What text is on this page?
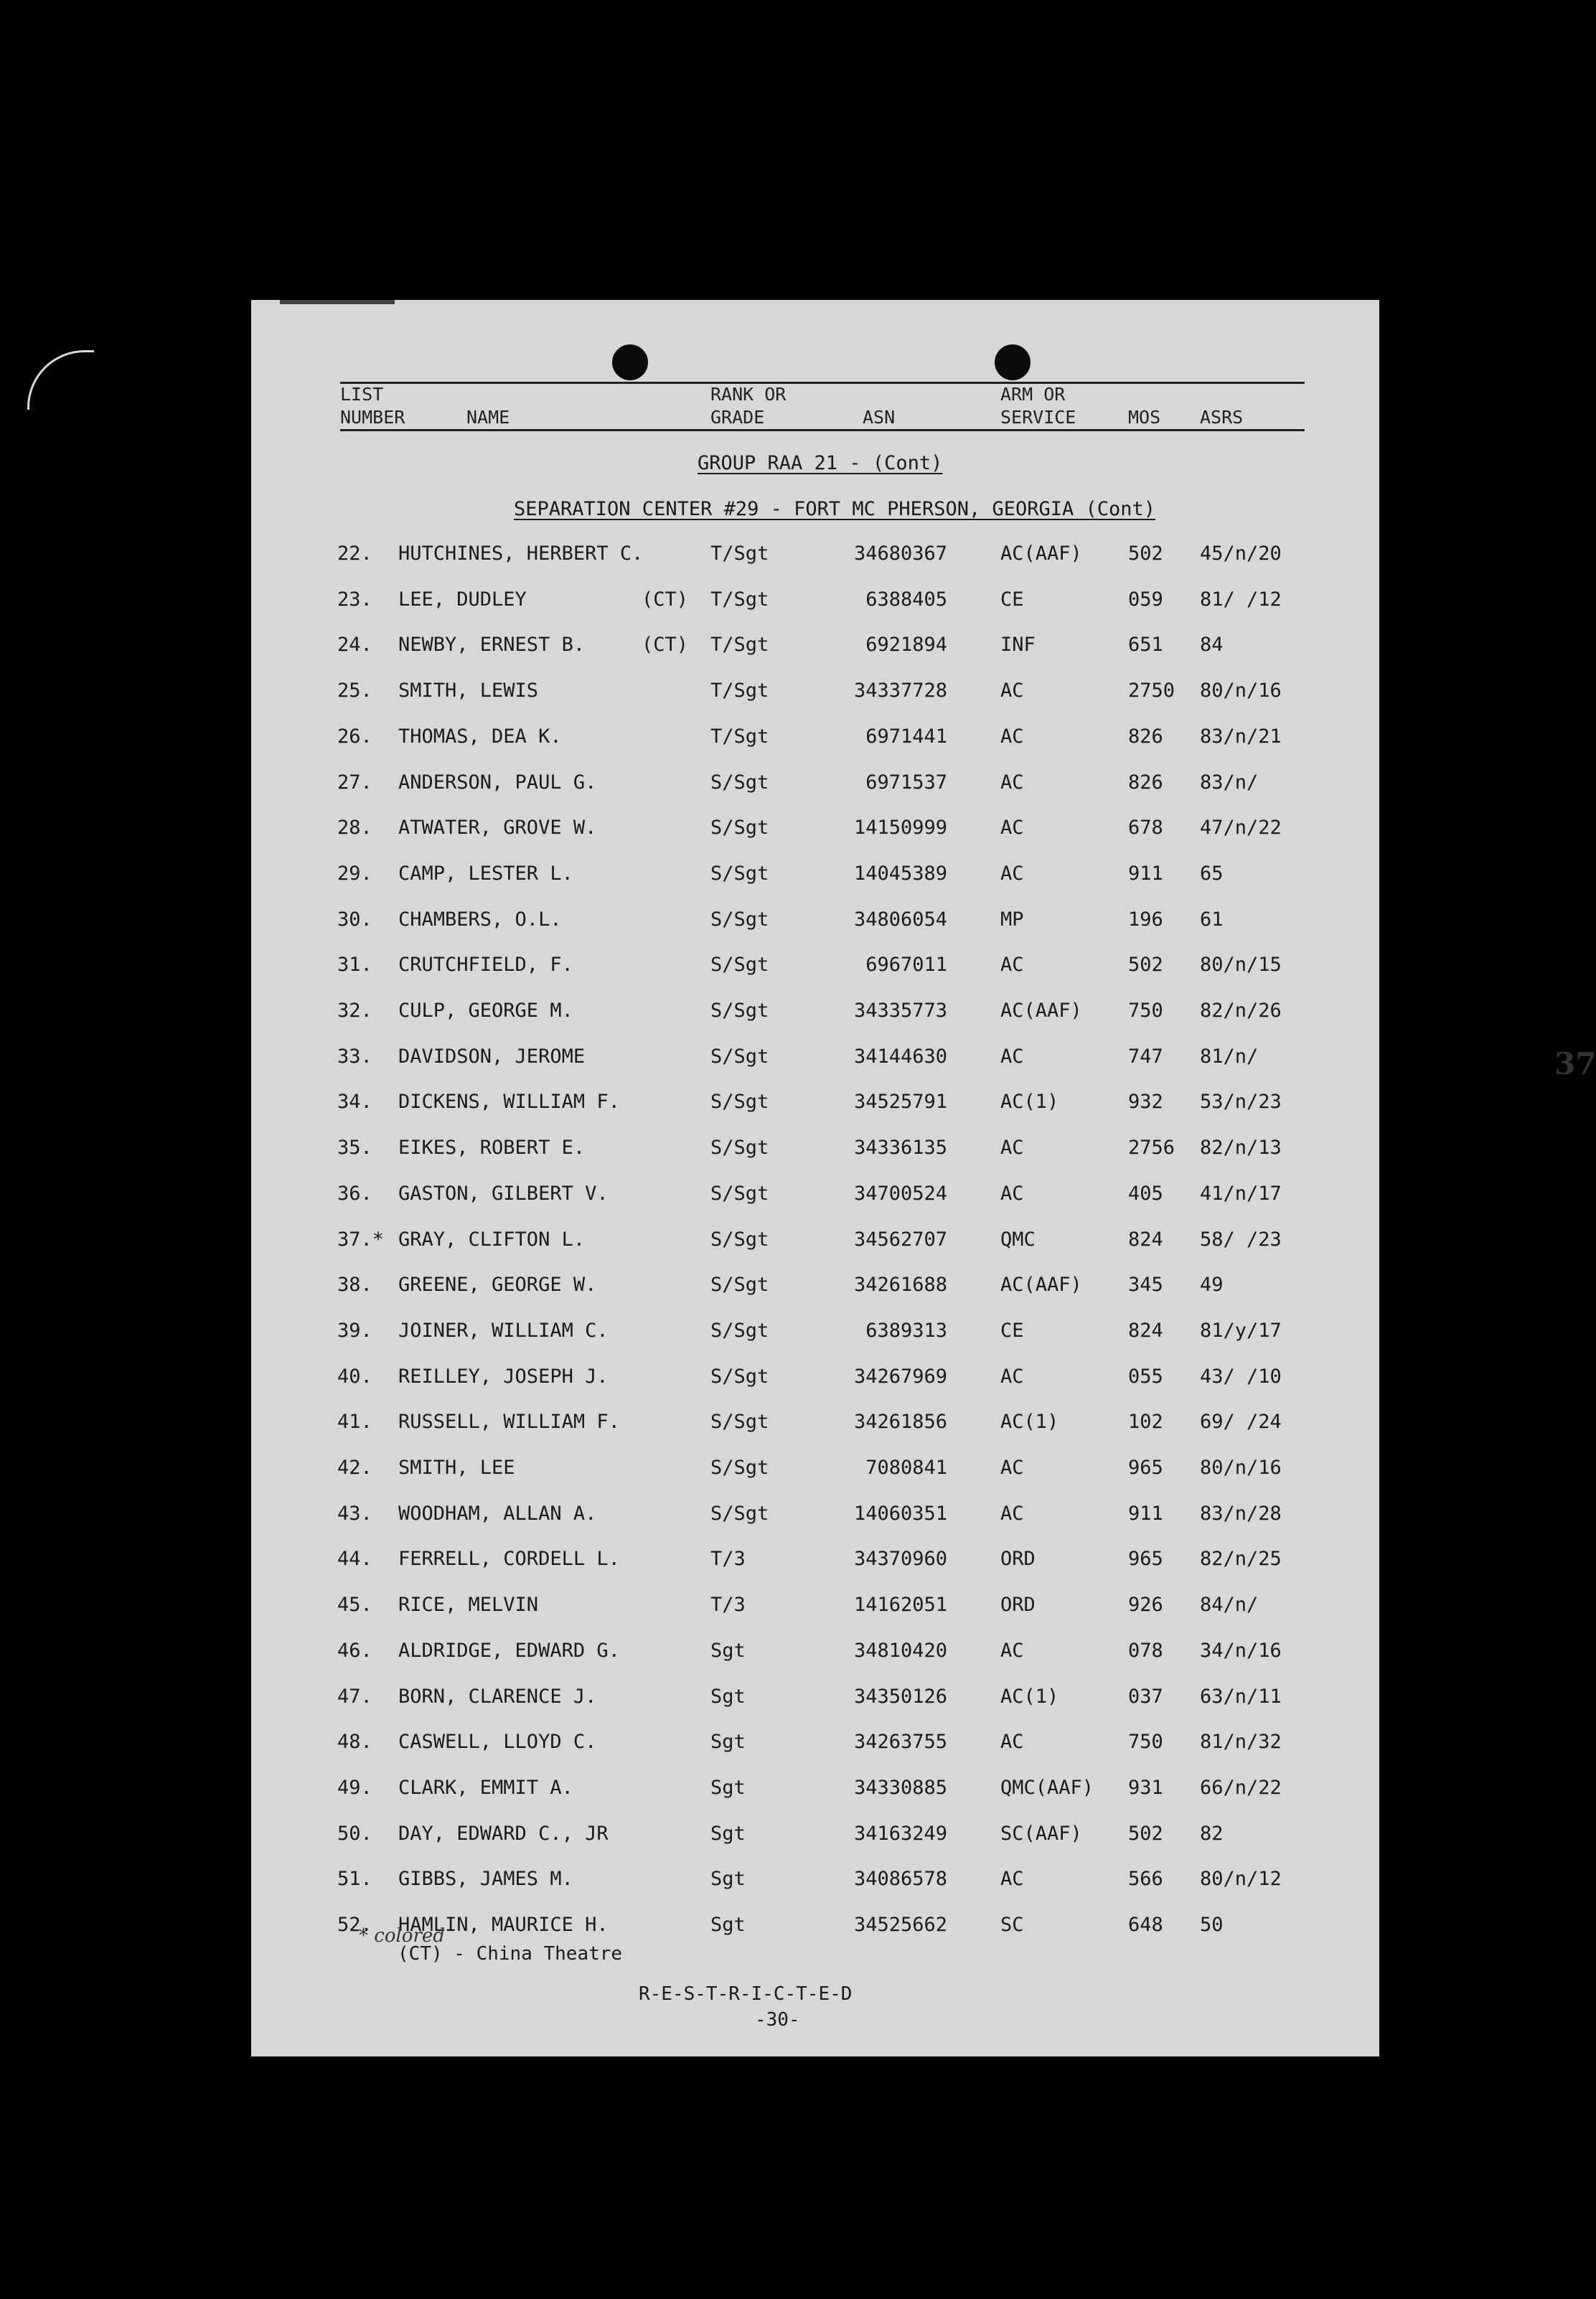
LIST
NUMBER	NAME
RANK OR
GRADE	ASN
ARM OR
SERVICE	MOS ASRS
GROUP RAA 21 - (Cont)
SEPARATION CENTER #29 - FORT MC PHERSON, GEORGIA (Cont)
37
22. HUTCHINES, HERBERT C.	T/Sgt	34680367	AC(AAF) 502 45/n/20
23. LEE, DUDLEY	(CT) T/Sgt	6388405	CE	059 81/ /12
24. NEWBY, ERNEST B.	(CT) T/Sgt	6921894	INF	651 84
25. SMITH, LEWIS	T/Sgt	34337728	AC	2750 80/n/16
26. THOMAS, DEA K.	T/Sgt	6971441	AC	826 83/n/21
27. ANDERSON, PAUL G.	S/Sgt	6971537	AC	826 83/n/
28. ATWATER, GROVE W.	S/Sgt	14150999	AC	678 47/n/22
29. CAMP, LESTER L.	S/Sgt	14045389	AC	911 65
30. CHAMBERS, O.L.	S/Sgt	34806054	MP	196 61
31. CRUTCHFIELD, F.	S/Sgt	6967011	AC	502 80/n/15
32. CULP, GEORGE M.	S/Sgt	34335773	AC(AAF) 750 82/n/26
33. DAVIDSON, JEROME	S/Sgt	34144630	AC	747 81/n/
34. DICKENS, WILLIAM F.	S/Sgt	34525791	AC(1)	932 53/n/23
35. EIKES, ROBERT E.	S/Sgt	34336135	AC	2756 82/n/13
36. GASTON, GILBERT V.	S/Sgt	34700524	AC	405 41/n/17
37.* GRAY, CLIFTON L.	S/Sgt	34562707	QMC	824 58/ /23
38. GREENE, GEORGE W.	S/Sgt	34261688	AC(AAF) 345 49
39. JOINER, WILLIAM C.	S/Sgt	6389313	CE	824 81/y/17
40. REILLEY, JOSEPH J.	S/Sgt	34267969	AC	055 43/ /10
41. RUSSELL, WILLIAM F.	S/Sgt	34261856	AC(1)	102 69/ /24
42. SMITH, LEE	S/Sgt	7080841	AC	965 80/n/16
43. WOODHAM, ALLAN A.	S/Sgt	14060351	AC	911 83/n/28
44. FERRELL, CORDELL L.	T/3	34370960	ORD	965 82/n/25
45. RICE, MELVIN	T/3	14162051	ORD	926 84/n/
46. ALDRIDGE, EDWARD G.	Sgt	34810420	AC	078 34/n/16
47. BORN, CLARENCE J.	Sgt	34350126	AC(1)	037 63/n/11
48. CASWELL, LLOYD C.	Sgt	34263755	AC	750 81/n/32
49. CLARK, EMMIT A.	Sgt	34330885	QMC(AAF) 931 66/n/22
50. DAY, EDWARD C., JR	Sgt	34163249	SC(AAF) 502 82
51. GIBBS, JAMES M.	Sgt	34086578	AC	566 80/n/12
52. HAMLIN, MAURICE H.	Sgt	34525662	SC	648 50
* colored
(CT) - China Theatre
R-E-S-T-R-I-C-T-E-D
-30-
